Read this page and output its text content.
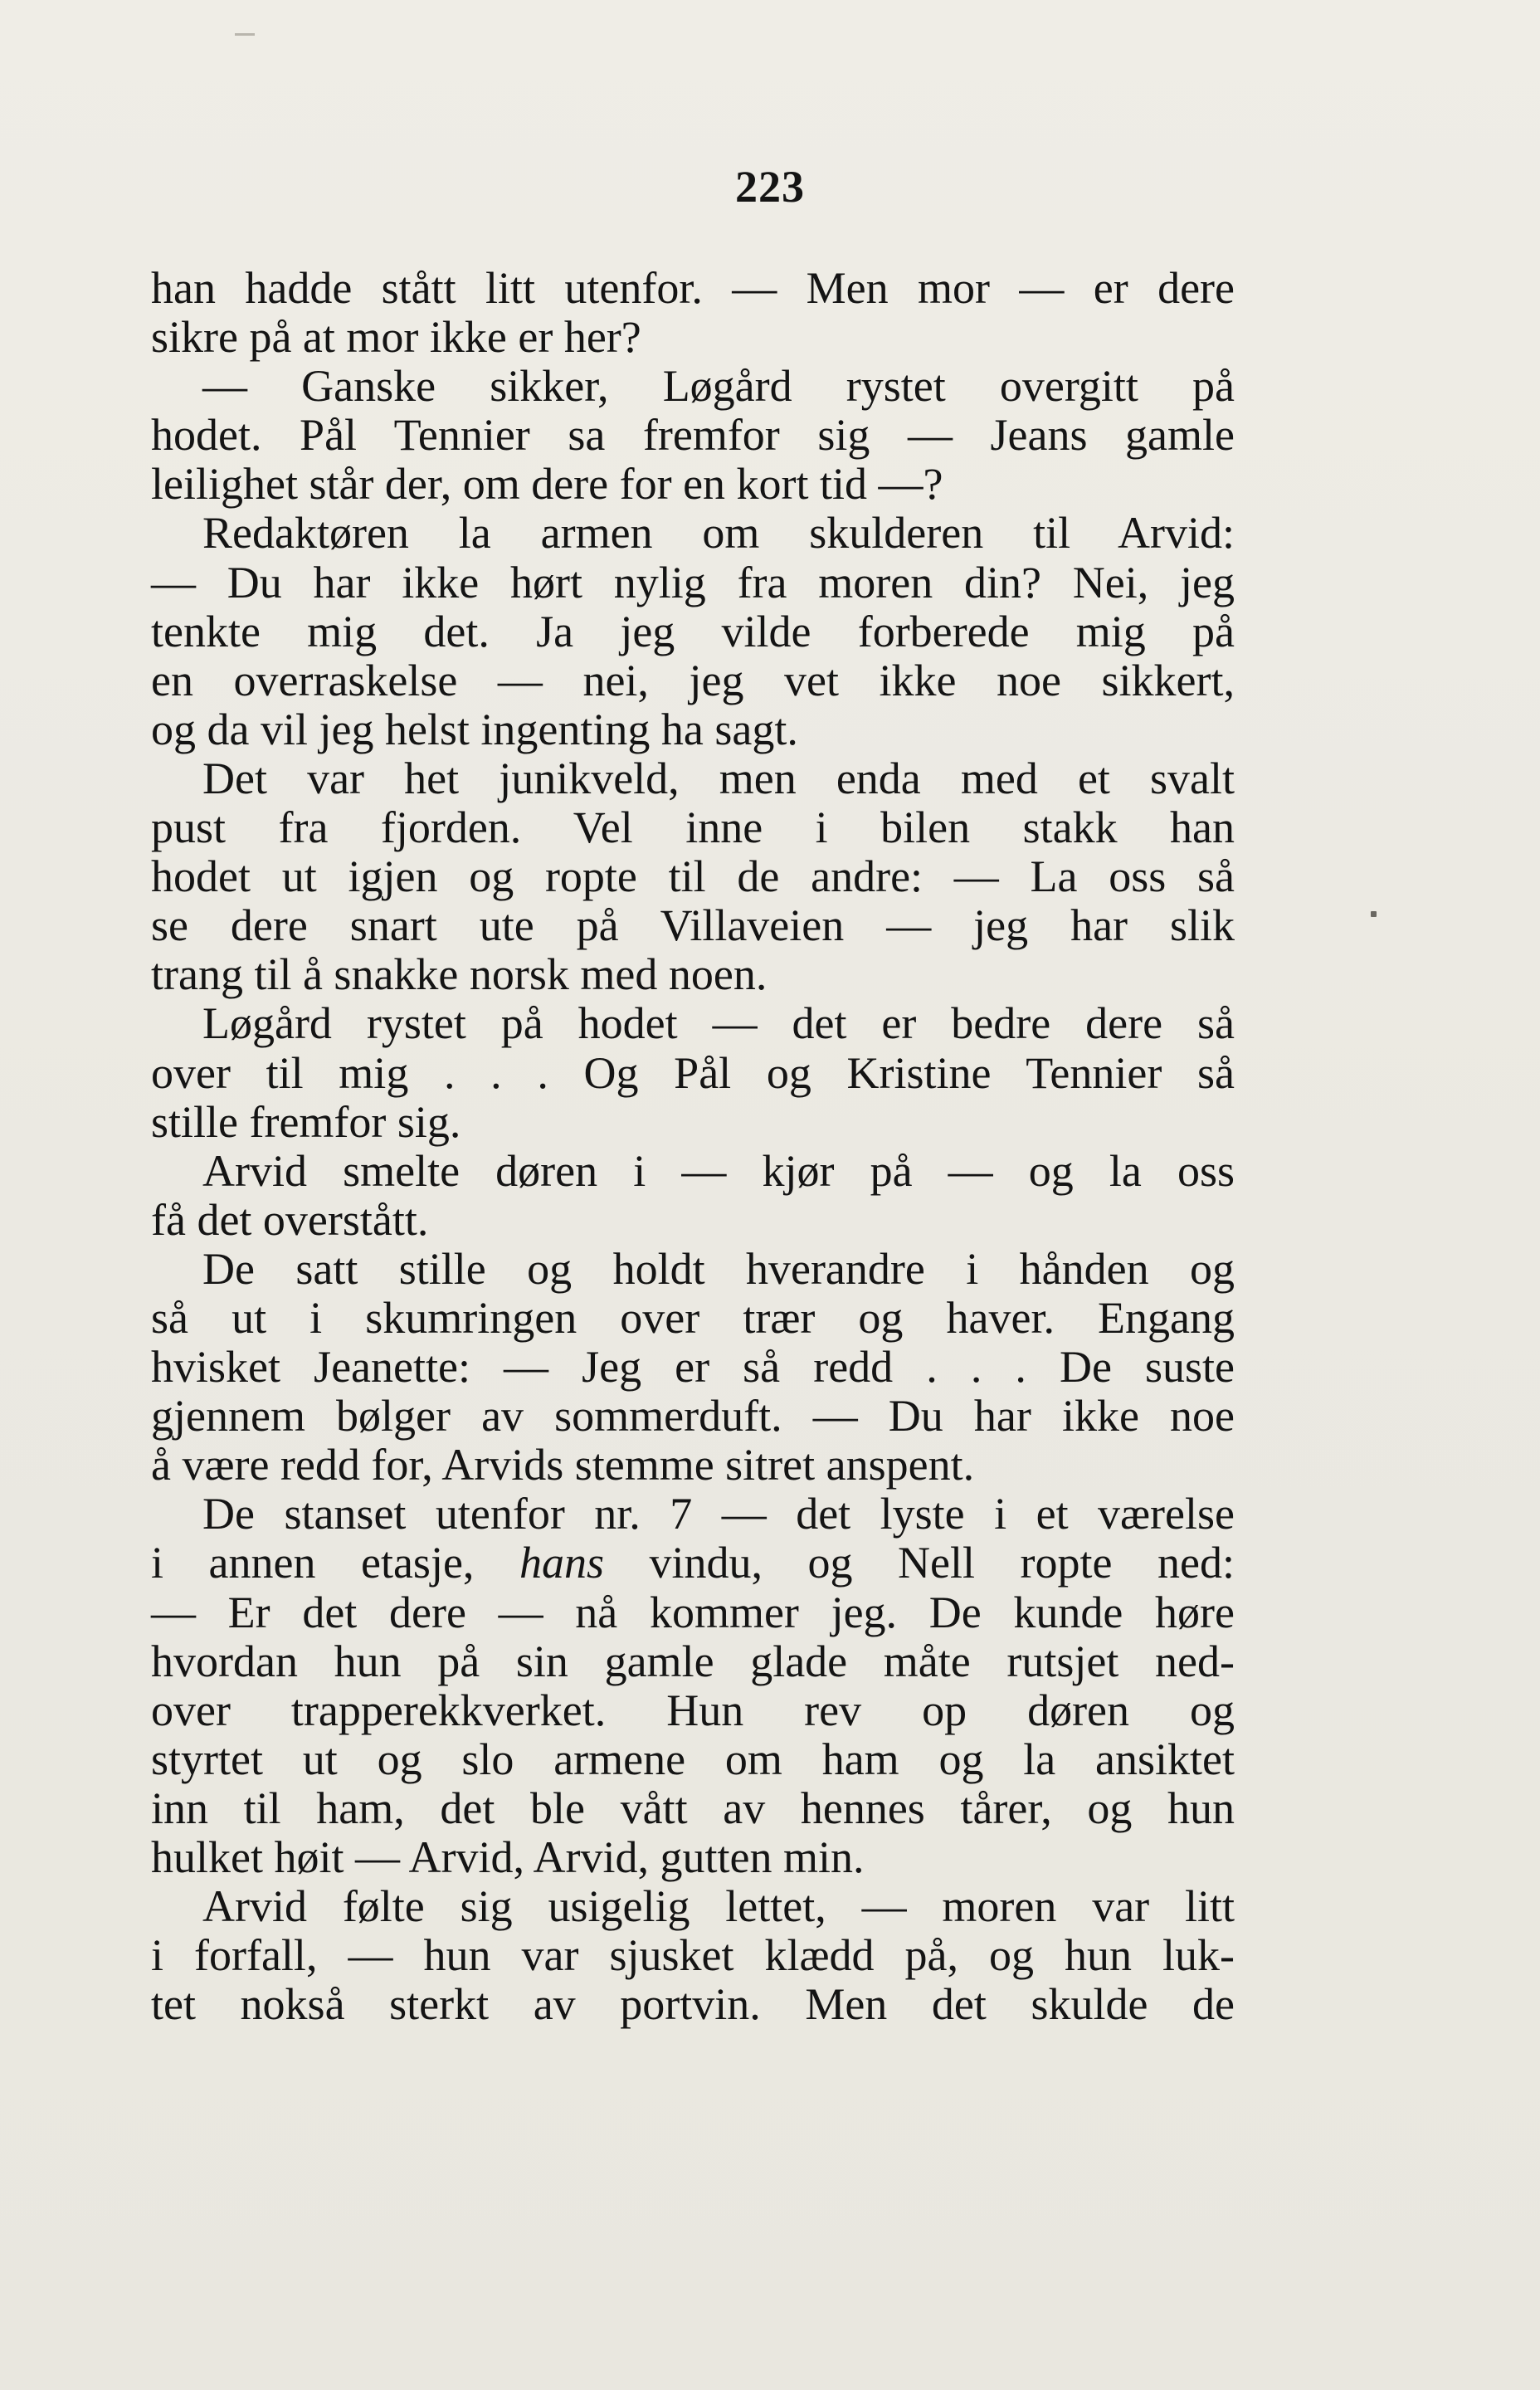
223
han hadde stått litt utenfor. — Men mor — er dere
sikre på at mor ikke er her?
— Ganske sikker, Løgård rystet overgitt på
hodet. Pål Tennier sa fremfor sig — Jeans gamle
leilighet står der, om dere for en kort tid —?
Redaktøren la armen om skulderen til Arvid:
— Du har ikke hørt nylig fra moren din? Nei, jeg
tenkte mig det. Ja jeg vilde forberede mig på
en overraskelse — nei, jeg vet ikke noe sikkert,
og da vil jeg helst ingenting ha sagt.
Det var het junikveld, men enda med et svalt
pust fra fjorden. Vel inne i bilen stakk han
hodet ut igjen og ropte til de andre: — La oss så
se dere snart ute på Villaveien — jeg har slik
trang til å snakke norsk med noen.
Løgård rystet på hodet — det er bedre dere så
over til mig . . . Og Pål og Kristine Tennier så
stille fremfor sig.
Arvid smelte døren i — kjør på — og la oss
få det overstått.
De satt stille og holdt hverandre i hånden og
så ut i skumringen over trær og haver. Engang
hvisket Jeanette: — Jeg er så redd . . . De suste
gjennem bølger av sommerduft. — Du har ikke noe
å være redd for, Arvids stemme sitret anspent.
De stanset utenfor nr. 7 — det lyste i et værelse
i annen etasje, hans vindu, og Nell ropte ned:
— Er det dere — nå kommer jeg. De kunde høre
hvordan hun på sin gamle glade måte rutsjet ned-
over trapperekkverket. Hun rev op døren og
styrtet ut og slo armene om ham og la ansiktet
inn til ham, det ble vått av hennes tårer, og hun
hulket høit — Arvid, Arvid, gutten min.
Arvid følte sig usigelig lettet, — moren var litt
i forfall, — hun var sjusket klædd på, og hun luk-
tet nokså sterkt av portvin. Men det skulde de
